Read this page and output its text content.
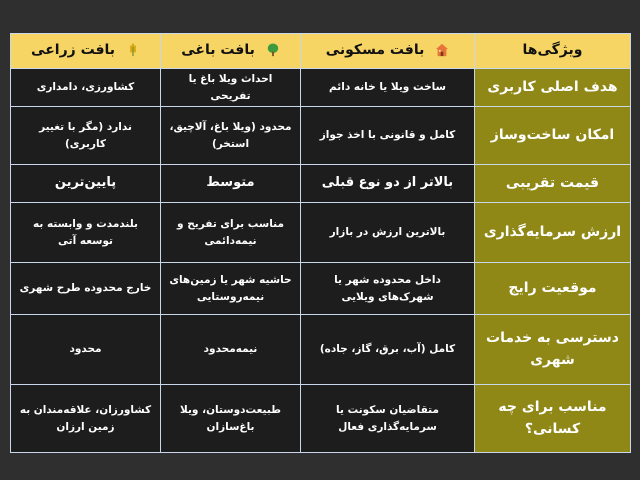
ویژگی‌ها	بافت مسکونی	بافت باغی	بافت زراعی
هدف اصلی کاربری	ساخت ویلا یا خانه دائم	احداث ویلا باغ یا تفریحی	کشاورزی، دامداری
امکان ساخت‌وساز	کامل و قانونی با اخذ جواز	محدود (ویلا باغ، آلاچیق، استخر)	ندارد (مگر با تغییر کاربری)
قیمت تقریبی	بالاتر از دو نوع قبلی	متوسط	پایین‌ترین
ارزش سرمایه‌گذاری	بالاترین ارزش در بازار	مناسب برای تفریح و نیمه‌دائمی	بلندمدت و وابسته به توسعه آتی
موقعیت رایج	داخل محدوده شهر یا شهرک‌های ویلایی	حاشیه شهر یا زمین‌های نیمه‌روستایی	خارج محدوده طرح شهری
دسترسی به خدمات شهری	کامل (آب، برق، گاز، جاده)	نیمه‌محدود	محدود
مناسب برای چه کسانی؟	متقاضیان سکونت یا سرمایه‌گذاری فعال	طبیعت‌دوستان، ویلا باغ‌سازان	کشاورزان، علاقه‌مندان به زمین ارزان
